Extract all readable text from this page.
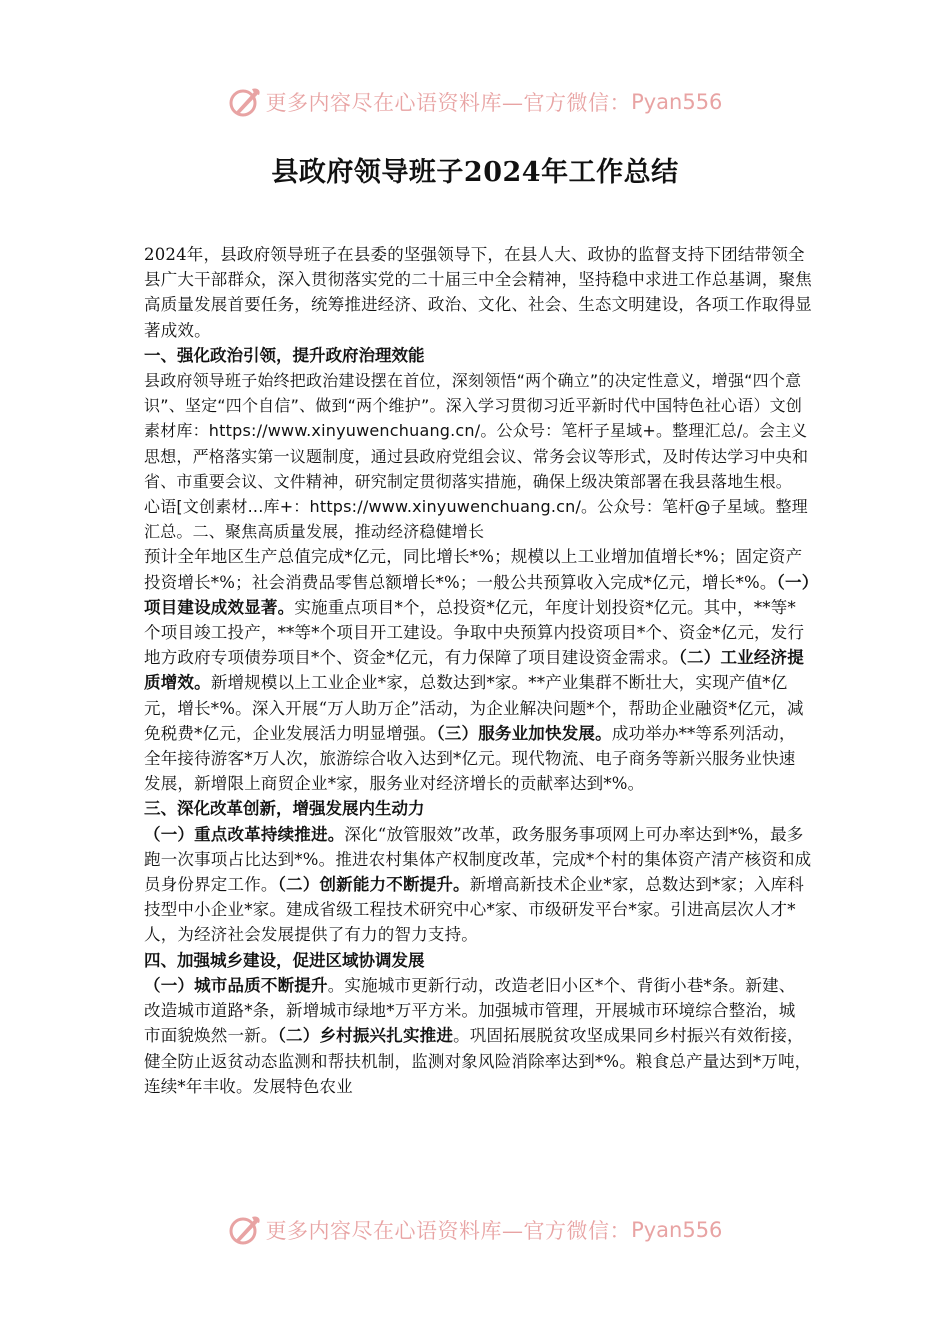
更多内容尽在心语资料库—官方微信： Pyan556
县政府领导班子2024年工作总结

2024年，县政府领导班子在县委的坚强领导下，在县人大、政协的监督支持下团结带领全县广大干部群众，深入贯彻落实党的二十届三中全会精神，坚持稳中求进工作总基调，聚焦高质量发展首要任务，统筹推进经济、政治、文化、社会、生态文明建设，各项工作取得显著成效。

一、强化政治引领，提升政府治理效能

县政府领导班子始终把政治建设摆在首位，深刻领悟“两个确立”的决定性意义，增强“四个意识”、坚定“四个自信”、做到“两个维护”。深入学习贯彻习近平新时代中国特色社心语）文创素材库：https://www.xinyuwenchuang.cn/。公众号：笔杆子星域+。整理汇总/。会主义思想，严格落实第一议题制度，通过县政府党组会议、常务会议等形式，及时传达学习中央和省、市重要会议、文件精神，研究制定贯彻落实措施，确保上级决策部署在我县落地生根。

心语[文创素材...库+：https://www.xinyuwenchuang.cn/。公众号：笔杆@子星域。整理汇总。二、聚焦高质量发展，推动经济稳健增长

预计全年地区生产总值完成*亿元，同比增长*%；规模以上工业增加值增长*%；固定资产投资增长*%；社会消费品零售总额增长*%；一般公共预算收入完成*亿元，增长*%。（一）项目建设成效显著。实施重点项目*个，总投资*亿元，年度计划投资*亿元。其中，**等*个项目竣工投产，**等*个项目开工建设。争取中央预算内投资项目*个、资金*亿元，发行地方政府专项债券项目*个、资金*亿元，有力保障了项目建设资金需求。（二）工业经济提质增效。新增规模以上工业企业*家，总数达到*家。**产业集群不断壮大，实现产值*亿元，增长*%。深入开展“万人助万企”活动，为企业解决问题*个，帮助企业融资*亿元，减免税费*亿元，企业发展活力明显增强。（三）服务业加快发展。成功举办**等系列活动，全年接待游客*万人次，旅游综合收入达到*亿元。现代物流、电子商务等新兴服务业快速发展，新增限上商贸企业*家，服务业对经济增长的贡献率达到*%。

三、深化改革创新，增强发展内生动力

（一）重点改革持续推进。深化“放管服效”改革，政务服务事项网上可办率达到*%，最多跑一次事项占比达到*%。推进农村集体产权制度改革，完成*个村的集体资产清产核资和成员身份界定工作。（二）创新能力不断提升。新增高新技术企业*家，总数达到*家；入库科技型中小企业*家。建成省级工程技术研究中心*家、市级研发平台*家。引进高层次人才*人，为经济社会发展提供了有力的智力支持。

四、加强城乡建设，促进区域协调发展

（一）城市品质不断提升。实施城市更新行动，改造老旧小区*个、背街小巷*条。新建、改造城市道路*条，新增城市绿地*万平方米。加强城市管理，开展城市环境综合整治，城市面貌焕然一新。（二）乡村振兴扎实推进。巩固拓展脱贫攻坚成果同乡村振兴有效衔接，健全防止返贫动态监测和帮扶机制，监测对象风险消除率达到*%。粮食总产量达到*万吨，连续*年丰收。发展特色农业

更多内容尽在心语资料库—官方微信： Pyan556
